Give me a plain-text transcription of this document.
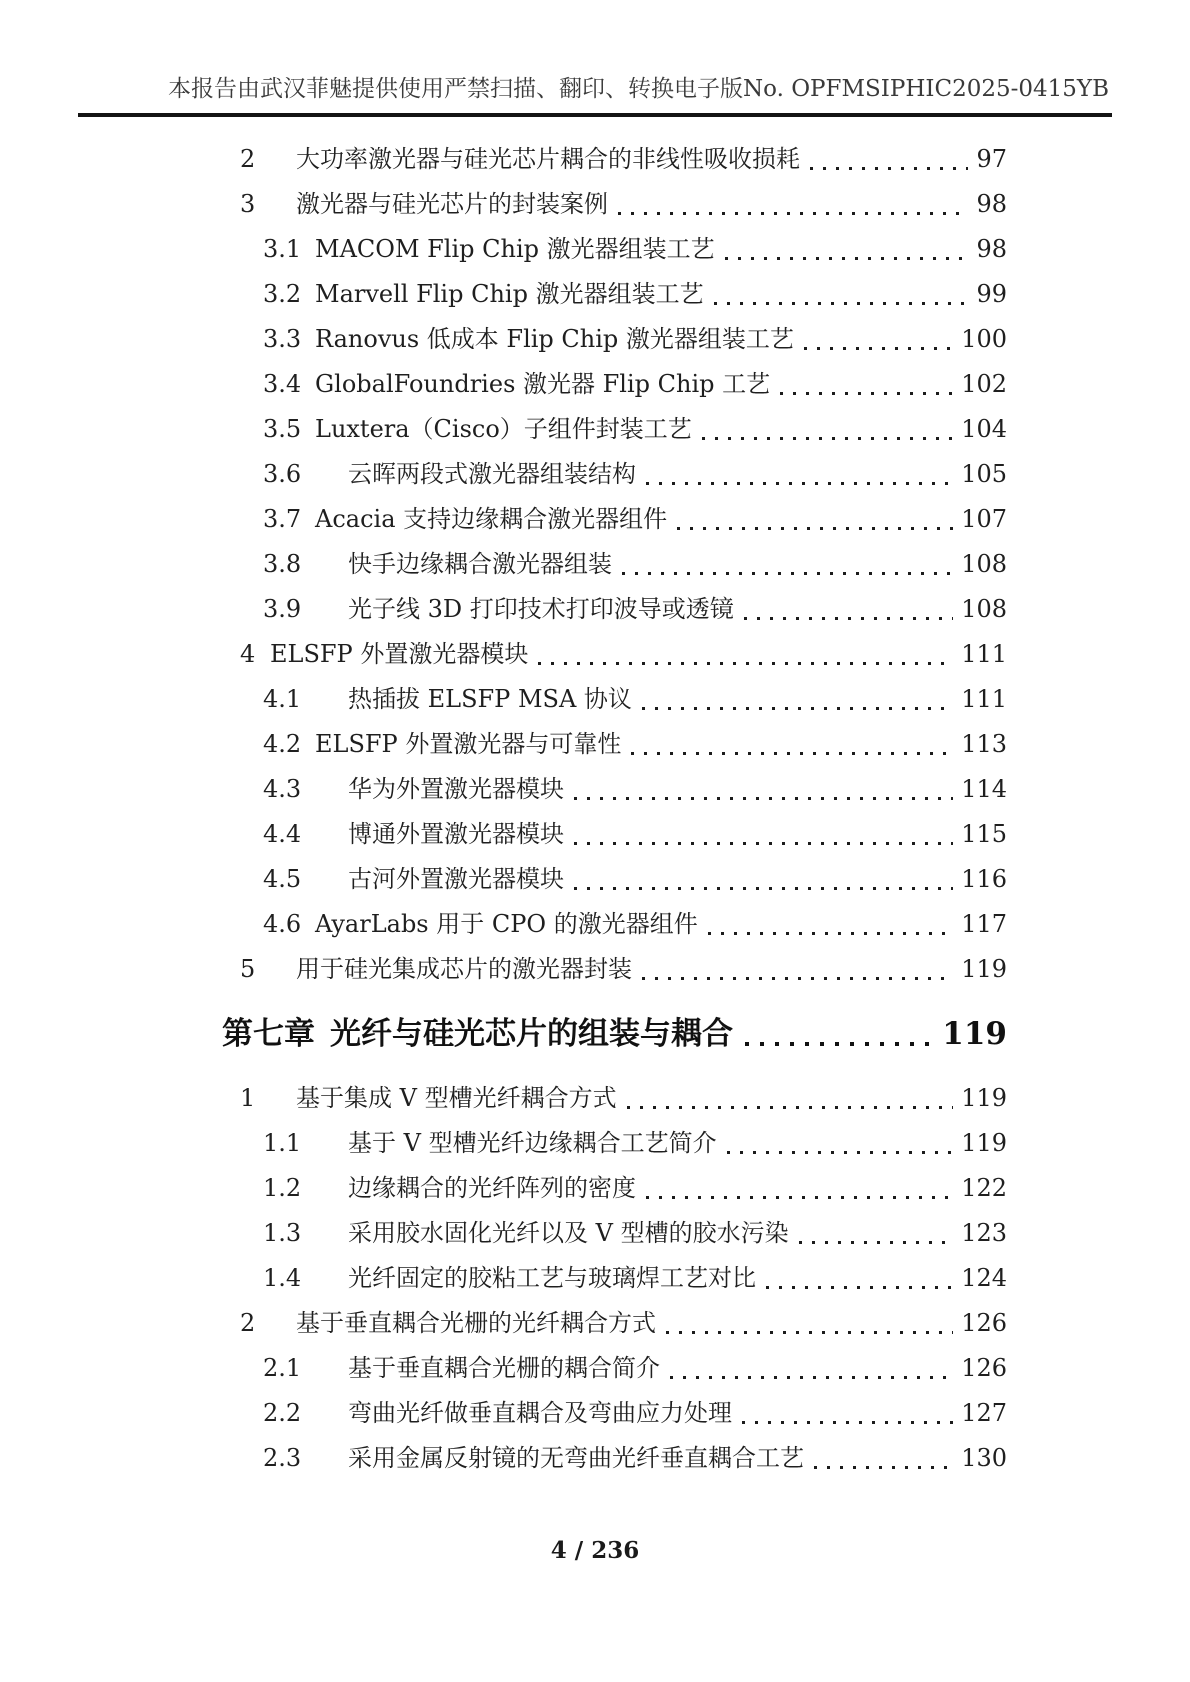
本报告由武汉菲魅提供使用 严禁扫描、翻印、转换电子版 No. OPFMSIPHIC2025-0415YB
2	大功率激光器与硅光芯片耦合的非线性吸收损耗	97
3	激光器与硅光芯片的封装案例	98
3.1 MACOM Flip Chip 激光器组装工艺	98
3.2 Marvell Flip Chip 激光器组装工艺	99
3.3 Ranovus 低成本 Flip Chip 激光器组装工艺	100
3.4 GlobalFoundries 激光器 Flip Chip 工艺	102
3.5 Luxtera（Cisco）子组件封装工艺	104
3.6	云晖两段式激光器组装结构	105
3.7 Acacia 支持边缘耦合激光器组件	107
3.8	快手边缘耦合激光器组装	108
3.9	光子线 3D 打印技术打印波导或透镜	108
4 ELSFP 外置激光器模块	111
4.1	热插拔 ELSFP MSA 协议	111
4.2 ELSFP 外置激光器与可靠性	113
4.3	华为外置激光器模块	114
4.4	博通外置激光器模块	115
4.5	古河外置激光器模块	116
4.6 AyarLabs 用于 CPO 的激光器组件	117
5	用于硅光集成芯片的激光器封装	119
第七章 光纤与硅光芯片的组装与耦合	119
1	基于集成 V 型槽光纤耦合方式	119
1.1	基于 V 型槽光纤边缘耦合工艺简介	119
1.2	边缘耦合的光纤阵列的密度	122
1.3	采用胶水固化光纤以及 V 型槽的胶水污染	123
1.4	光纤固定的胶粘工艺与玻璃焊工艺对比	124
2	基于垂直耦合光栅的光纤耦合方式	126
2.1	基于垂直耦合光栅的耦合简介	126
2.2	弯曲光纤做垂直耦合及弯曲应力处理	127
2.3	采用金属反射镜的无弯曲光纤垂直耦合工艺	130
4 / 236
